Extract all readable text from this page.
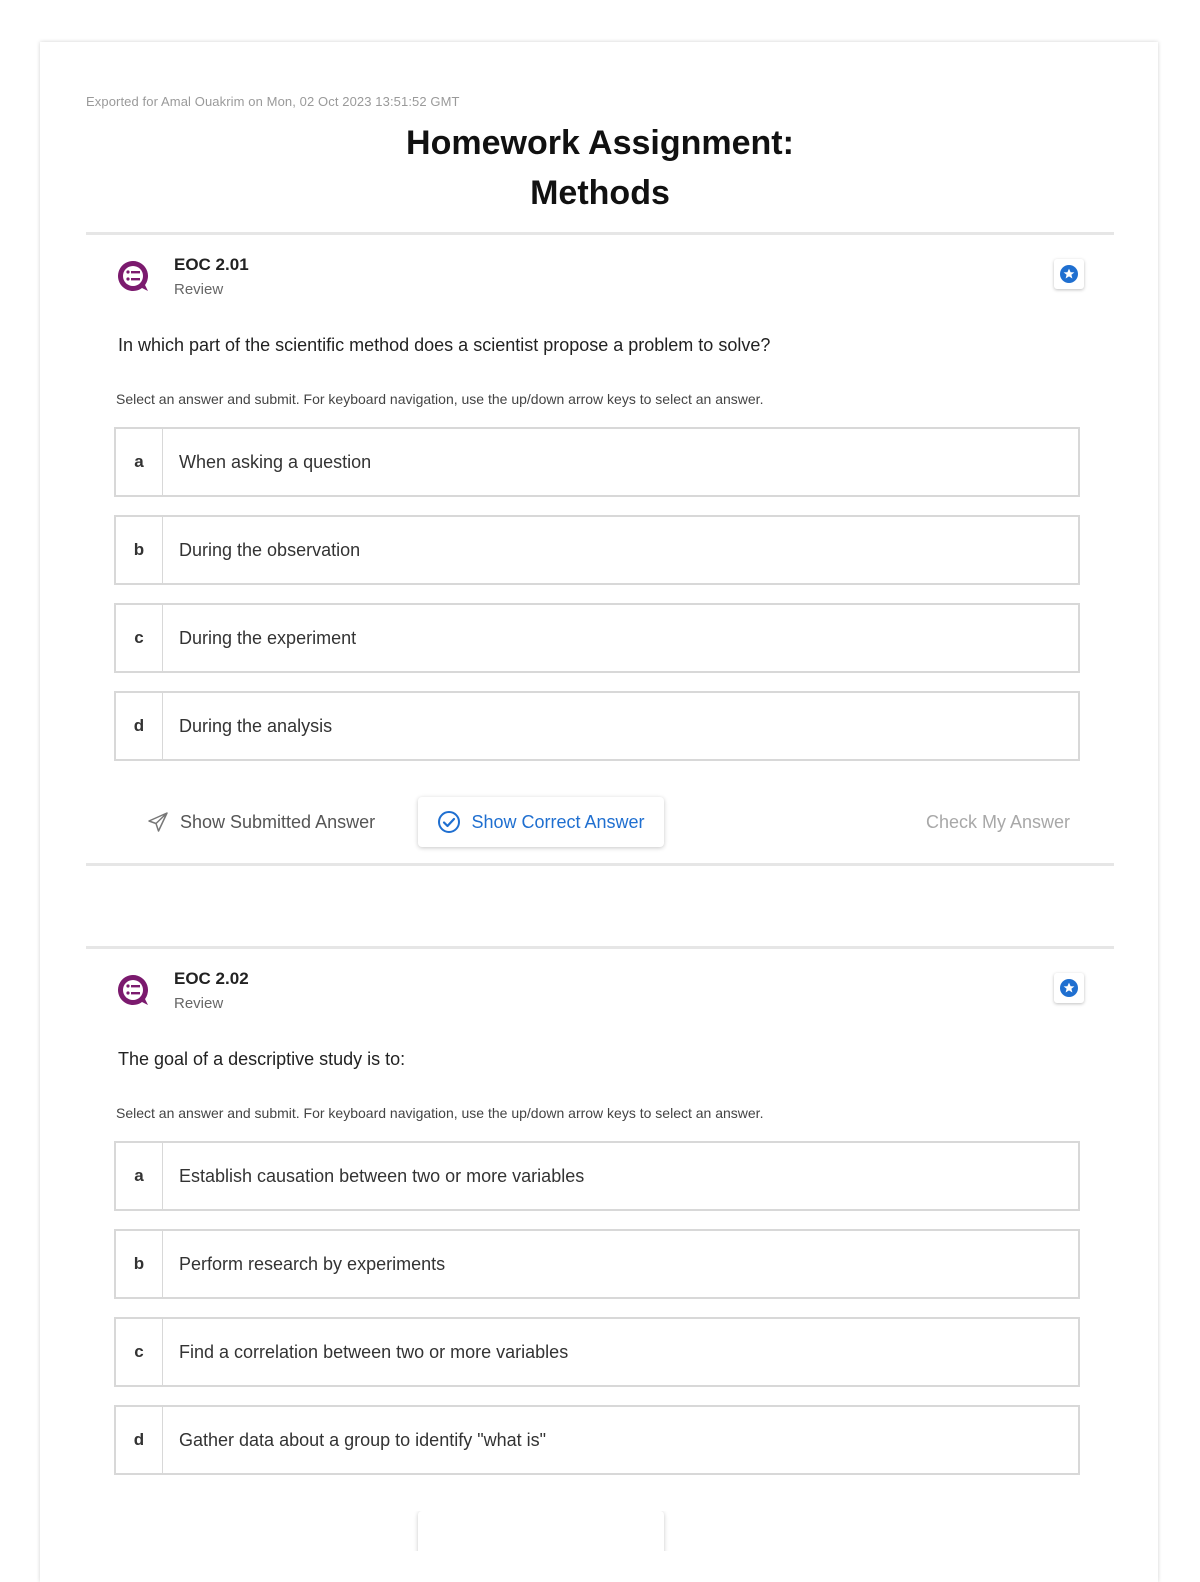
Exported for Amal Ouakrim on Mon, 02 Oct 2023 13:51:52 GMT
Homework Assignment:
Methods
EOC 2.01
Review
In which part of the scientific method does a scientist propose a problem to solve?
Select an answer and submit. For keyboard navigation, use the up/down arrow keys to select an answer.
a	When asking a question
b	During the observation
c	During the experiment
d	During the analysis
Show Submitted Answer	Show Correct Answer	Check My Answer
EOC 2.02
Review
The goal of a descriptive study is to:
Select an answer and submit. For keyboard navigation, use the up/down arrow keys to select an answer.
a	Establish causation between two or more variables
b	Perform research by experiments
c	Find a correlation between two or more variables
d	Gather data about a group to identify "what is"
